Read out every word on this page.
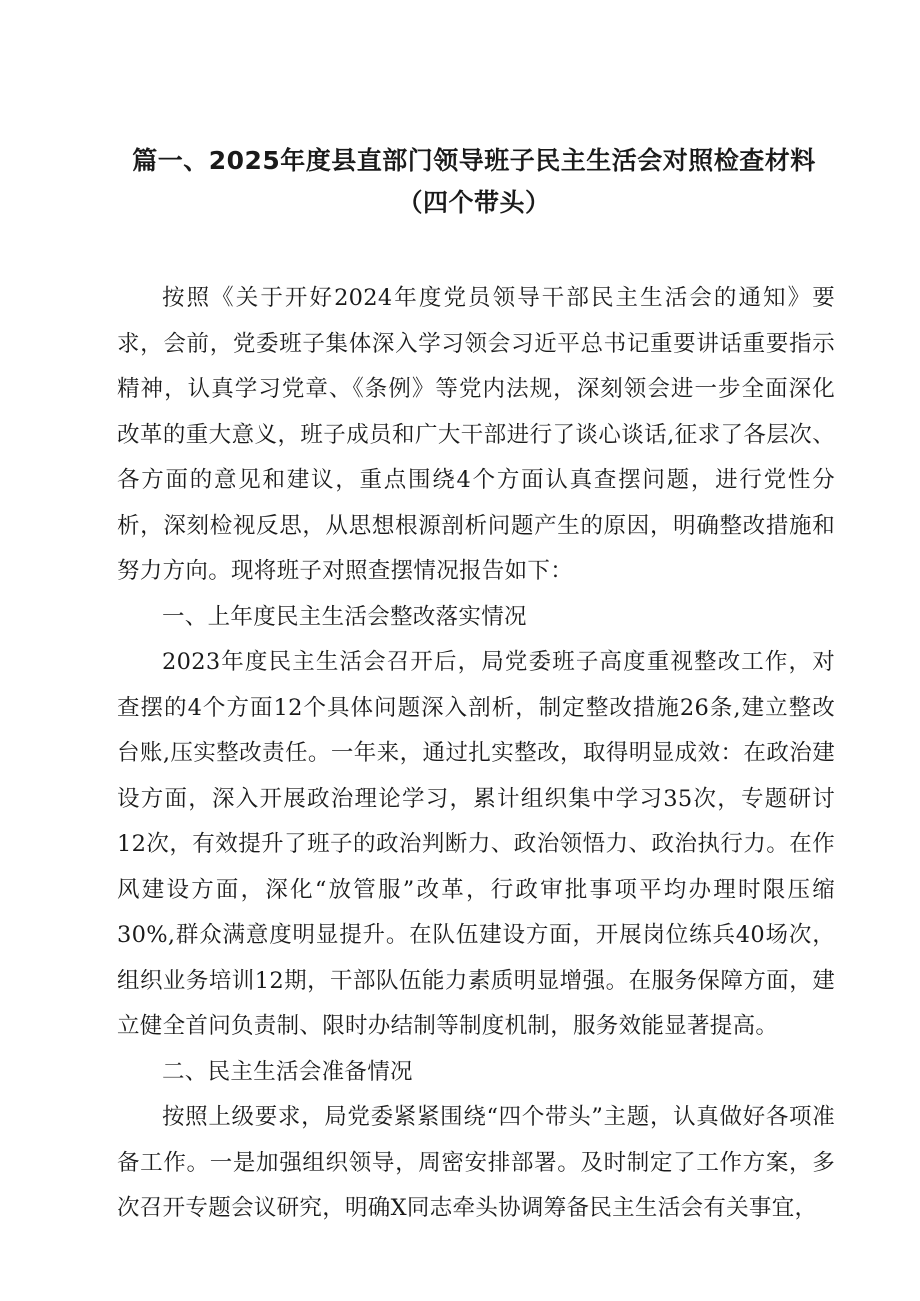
篇一、2025年度县直部门领导班子民主生活会对照检查材料（四个带头）

按照《关于开好2024年度党员领导干部民主生活会的通知》要求，会前，党委班子集体深入学习领会习近平总书记重要讲话重要指示精神，认真学习党章、《条例》等党内法规，深刻领会进一步全面深化改革的重大意义，班子成员和广大干部进行了谈心谈话,征求了各层次、各方面的意见和建议，重点围绕4个方面认真查摆问题，进行党性分析，深刻检视反思，从思想根源剖析问题产生的原因，明确整改措施和努力方向。现将班子对照查摆情况报告如下：

一、上年度民主生活会整改落实情况

2023年度民主生活会召开后，局党委班子高度重视整改工作，对查摆的4个方面12个具体问题深入剖析，制定整改措施26条,建立整改台账,压实整改责任。一年来，通过扎实整改，取得明显成效：在政治建设方面，深入开展政治理论学习，累计组织集中学习35次，专题研讨12次，有效提升了班子的政治判断力、政治领悟力、政治执行力。在作风建设方面，深化“放管服”改革，行政审批事项平均办理时限压缩30%,群众满意度明显提升。在队伍建设方面，开展岗位练兵40场次，组织业务培训12期，干部队伍能力素质明显增强。在服务保障方面，建立健全首问负责制、限时办结制等制度机制，服务效能显著提高。

二、民主生活会准备情况

按照上级要求，局党委紧紧围绕“四个带头”主题，认真做好各项准备工作。一是加强组织领导，周密安排部署。及时制定了工作方案，多次召开专题会议研究，明确X同志牵头协调筹备民主生活会有关事宜，
